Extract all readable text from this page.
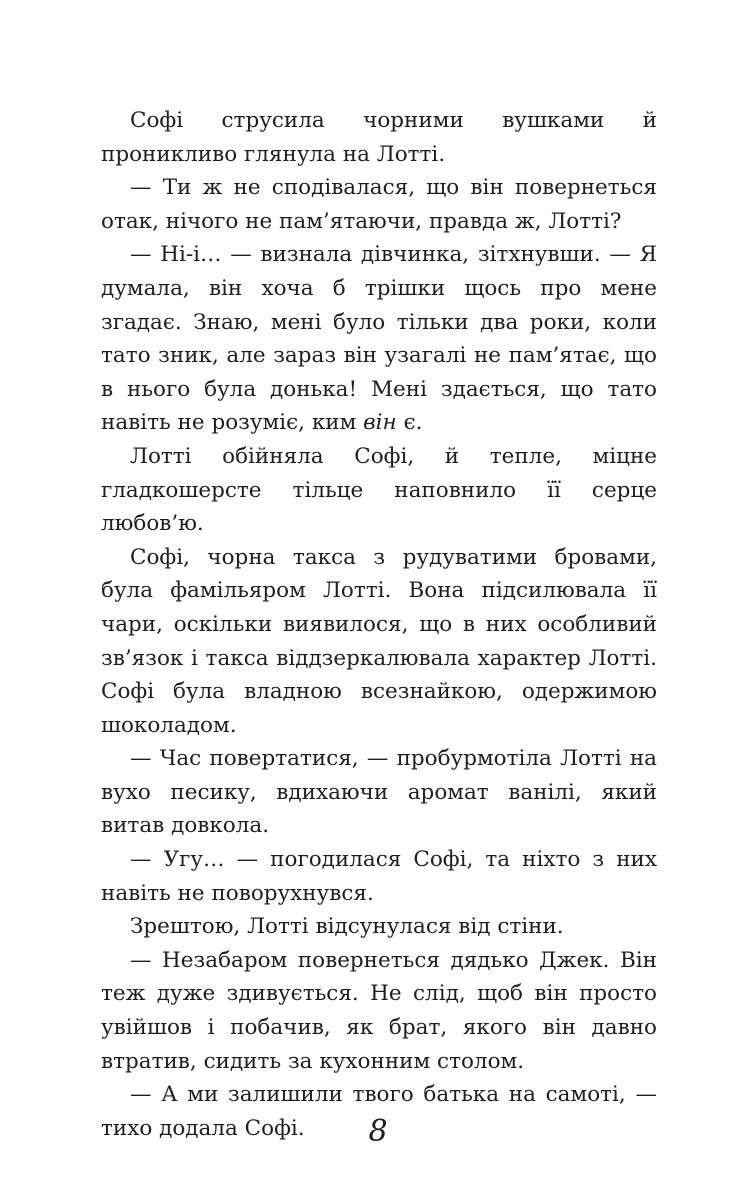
Софі струсила чорними вушками й проникливо глянула на Лотті.

— Ти ж не сподівалася, що він повернеться отак, нічого не пам’ятаючи, правда ж, Лотті?

— Ні-і… — визнала дівчинка, зітхнувши. — Я думала, він хоча б трішки щось про мене згадає. Знаю, мені було тільки два роки, коли тато зник, але зараз він узагалі не пам’ятає, що в нього була донька! Мені здається, що тато навіть не розуміє, ким він є.

Лотті обійняла Софі, й тепле, міцне гладкошерсте тільце наповнило її серце любов’ю.

Софі, чорна такса з рудуватими бровами, була фамільяром Лотті. Вона підсилювала її чари, оскільки виявилося, що в них особливий зв’язок і такса віддзеркалювала характер Лотті. Софі була владною всезнайкою, одержимою шоколадом.

— Час повертатися, — пробурмотіла Лотті на вухо песику, вдихаючи аромат ванілі, який витав довкола.

— Угу… — погодилася Софі, та ніхто з них навіть не поворухнувся.

Зрештою, Лотті відсунулася від стіни.

— Незабаром повернеться дядько Джек. Він теж дуже здивується. Не слід, щоб він просто увійшов і побачив, як брат, якого він давно втратив, сидить за кухонним столом.

— А ми залишили твого батька на самоті, — тихо додала Софі.	8
